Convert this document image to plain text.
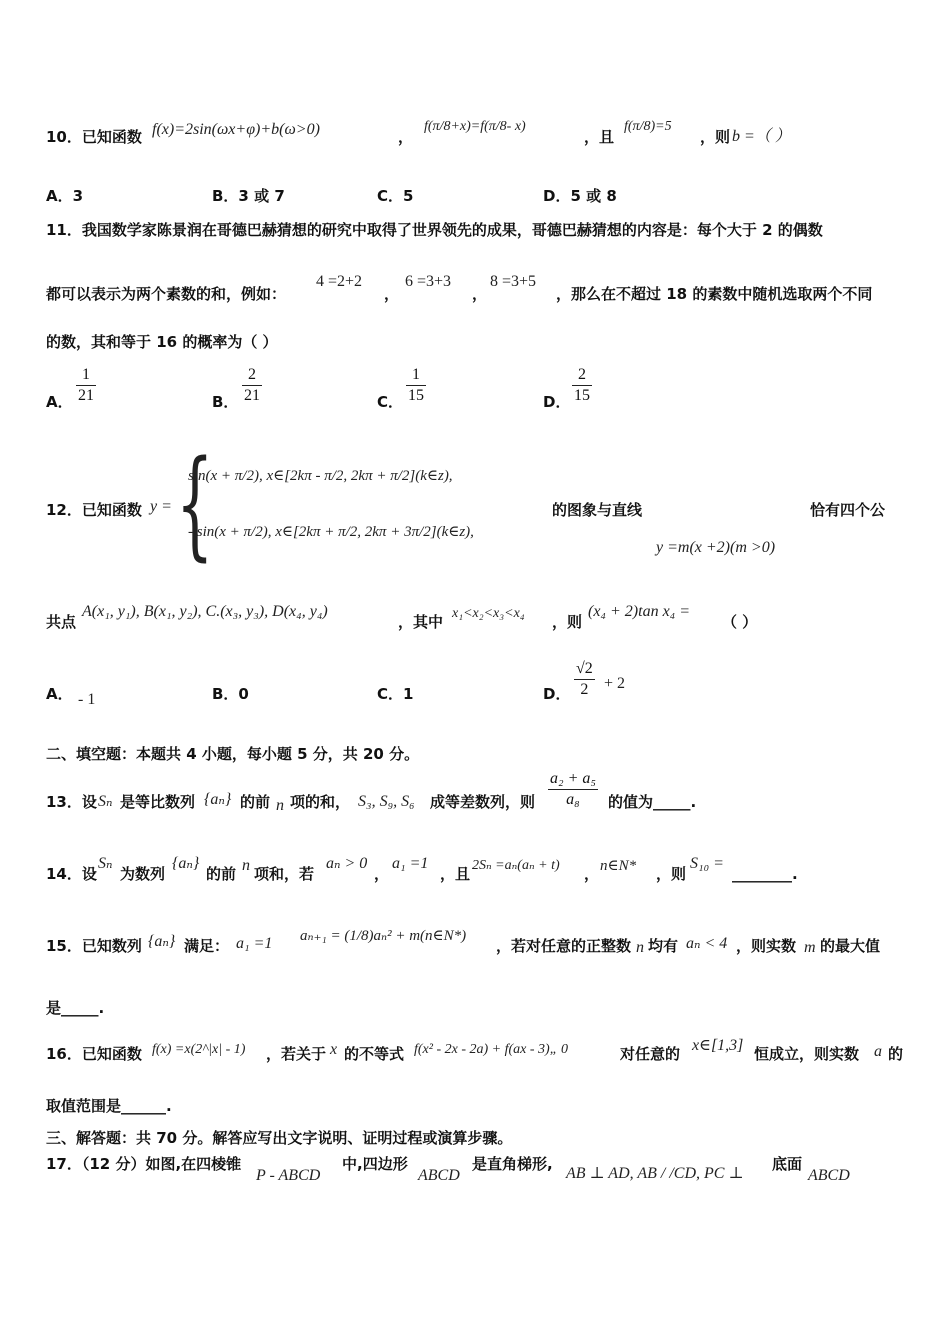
10．已知函数 f(x)=2sin(ωx+φ)+b(ω>0)	，
f(π/8+x)=f(π/8- x)
，且
f(π/8)=5
，则 b =（ ）
A．3	B．3 或 7	C．5	D．5 或 8
11．我国数学家陈景润在哥德巴赫猜想的研究中取得了世界领先的成果，哥德巴赫猜想的内容是：每个大于 2 的偶数
都可以表示为两个素数的和，例如：
4 =2+2
，
6 =3+3
，
8 =3+5
，那么在不超过 18 的素数中随机选取两个不同
的数，其和等于 16 的概率为（ ）
A．
1
21	B．
2
21	C．
1
15	D．
2
15
12．已知函数 y = {
sin(x + π/2), x∈[2kπ - π/2, 2kπ + π/2](k∈z),
- sin(x + π/2), x∈[2kπ + π/2, 2kπ + 3π/2](k∈z),
的图象与直线	恰有四个公
y =m(x +2)(m >0)
共点
A(x₁, y₁), B(x₁, y₂), C.(x₃, y₃), D(x₄, y₄)
，其中 x₁<x₂<x₃<x₄ ，则
(x₄ + 2)tan x₄ =
（ ）
A． - 1	B．0	C．1	D．
√2
2 + 2
二、填空题：本题共 4 小题，每小题 5 分，共 20 分。
13．设 Sₙ 是等比数列 {aₙ} 的前 n 项的和， S₃, S₉, S₆ 成等差数列，则
a₂ + a₅
a₈	的值为_____.
14．设
Sₙ
为数列
{aₙ}
的前 n 项和，若
aₙ > 0
，
a₁ =1
，且 2Sₙ =aₙ(aₙ + t) ， n∈N* ，则
S₁₀ =
________.
15．已知数列 {aₙ} 满足： a₁ =1 aₙ₊₁ = (1/8)aₙ² + m(n∈N*)
，若对任意的正整数 n 均有 aₙ < 4 ，则实数 m 的最大值
是_____.
16．已知函数 f(x) =x(2^|x| - 1) ，若关于 x 的不等式 f(x² - 2x - 2a) + f(ax - 3)„ 0	对任意的 x∈[1,3] 恒成立，则实数 a 的
取值范围是______.
三、解答题：共 70 分。解答应写出文字说明、证明过程或演算步骤。
17．（12 分）如图,在四棱锥
P - ABCD
中,四边形
ABCD
是直角梯形,
AB ⊥ AD, AB / /CD, PC ⊥
底面
ABCD
